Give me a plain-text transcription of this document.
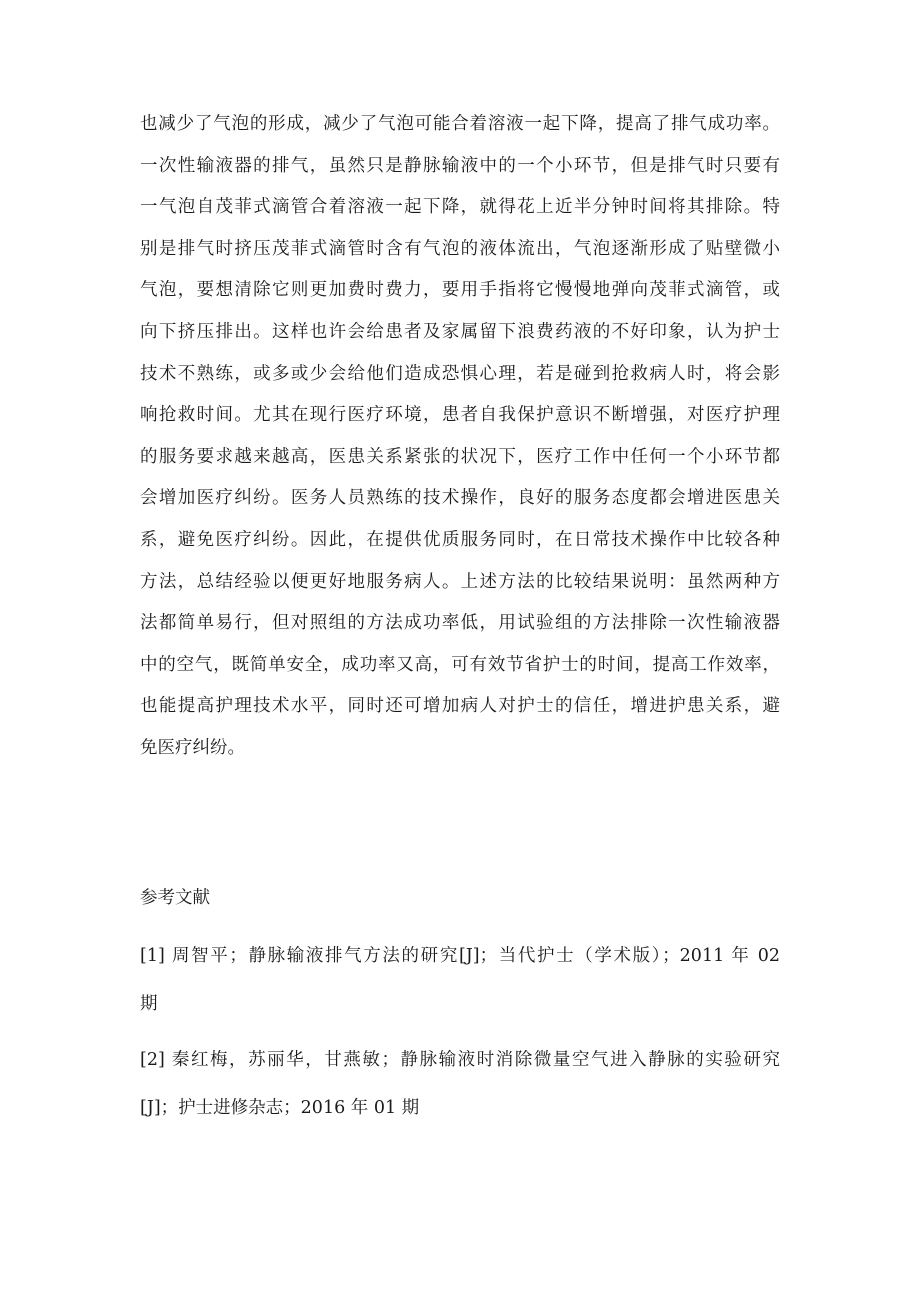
也减少了气泡的形成，减少了气泡可能合着溶液一起下降，提高了排气成功率。
一次性输液器的排气，虽然只是静脉输液中的一个小环节，但是排气时只要有
一气泡自茂菲式滴管合着溶液一起下降，就得花上近半分钟时间将其排除。特
别是排气时挤压茂菲式滴管时含有气泡的液体流出，气泡逐渐形成了贴壁微小
气泡，要想清除它则更加费时费力，要用手指将它慢慢地弹向茂菲式滴管，或
向下挤压排出。这样也许会给患者及家属留下浪费药液的不好印象，认为护士
技术不熟练，或多或少会给他们造成恐惧心理，若是碰到抢救病人时，将会影
响抢救时间。尤其在现行医疗环境，患者自我保护意识不断增强，对医疗护理
的服务要求越来越高，医患关系紧张的状况下，医疗工作中任何一个小环节都
会增加医疗纠纷。医务人员熟练的技术操作，良好的服务态度都会增进医患关
系，避免医疗纠纷。因此，在提供优质服务同时，在日常技术操作中比较各种
方法，总结经验以便更好地服务病人。上述方法的比较结果说明：虽然两种方
法都简单易行，但对照组的方法成功率低，用试验组的方法排除一次性输液器
中的空气，既简单安全，成功率又高，可有效节省护士的时间，提高工作效率，
也能提高护理技术水平，同时还可增加病人对护士的信任，增进护患关系，避
免医疗纠纷。
参考文献
[1] 周智平；静脉输液排气方法的研究[J]；当代护士（学术版）；2011 年 02
期
[2] 秦红梅，苏丽华，甘燕敏；静脉输液时消除微量空气进入静脉的实验研究
[J]；护士进修杂志；2016 年 01 期
